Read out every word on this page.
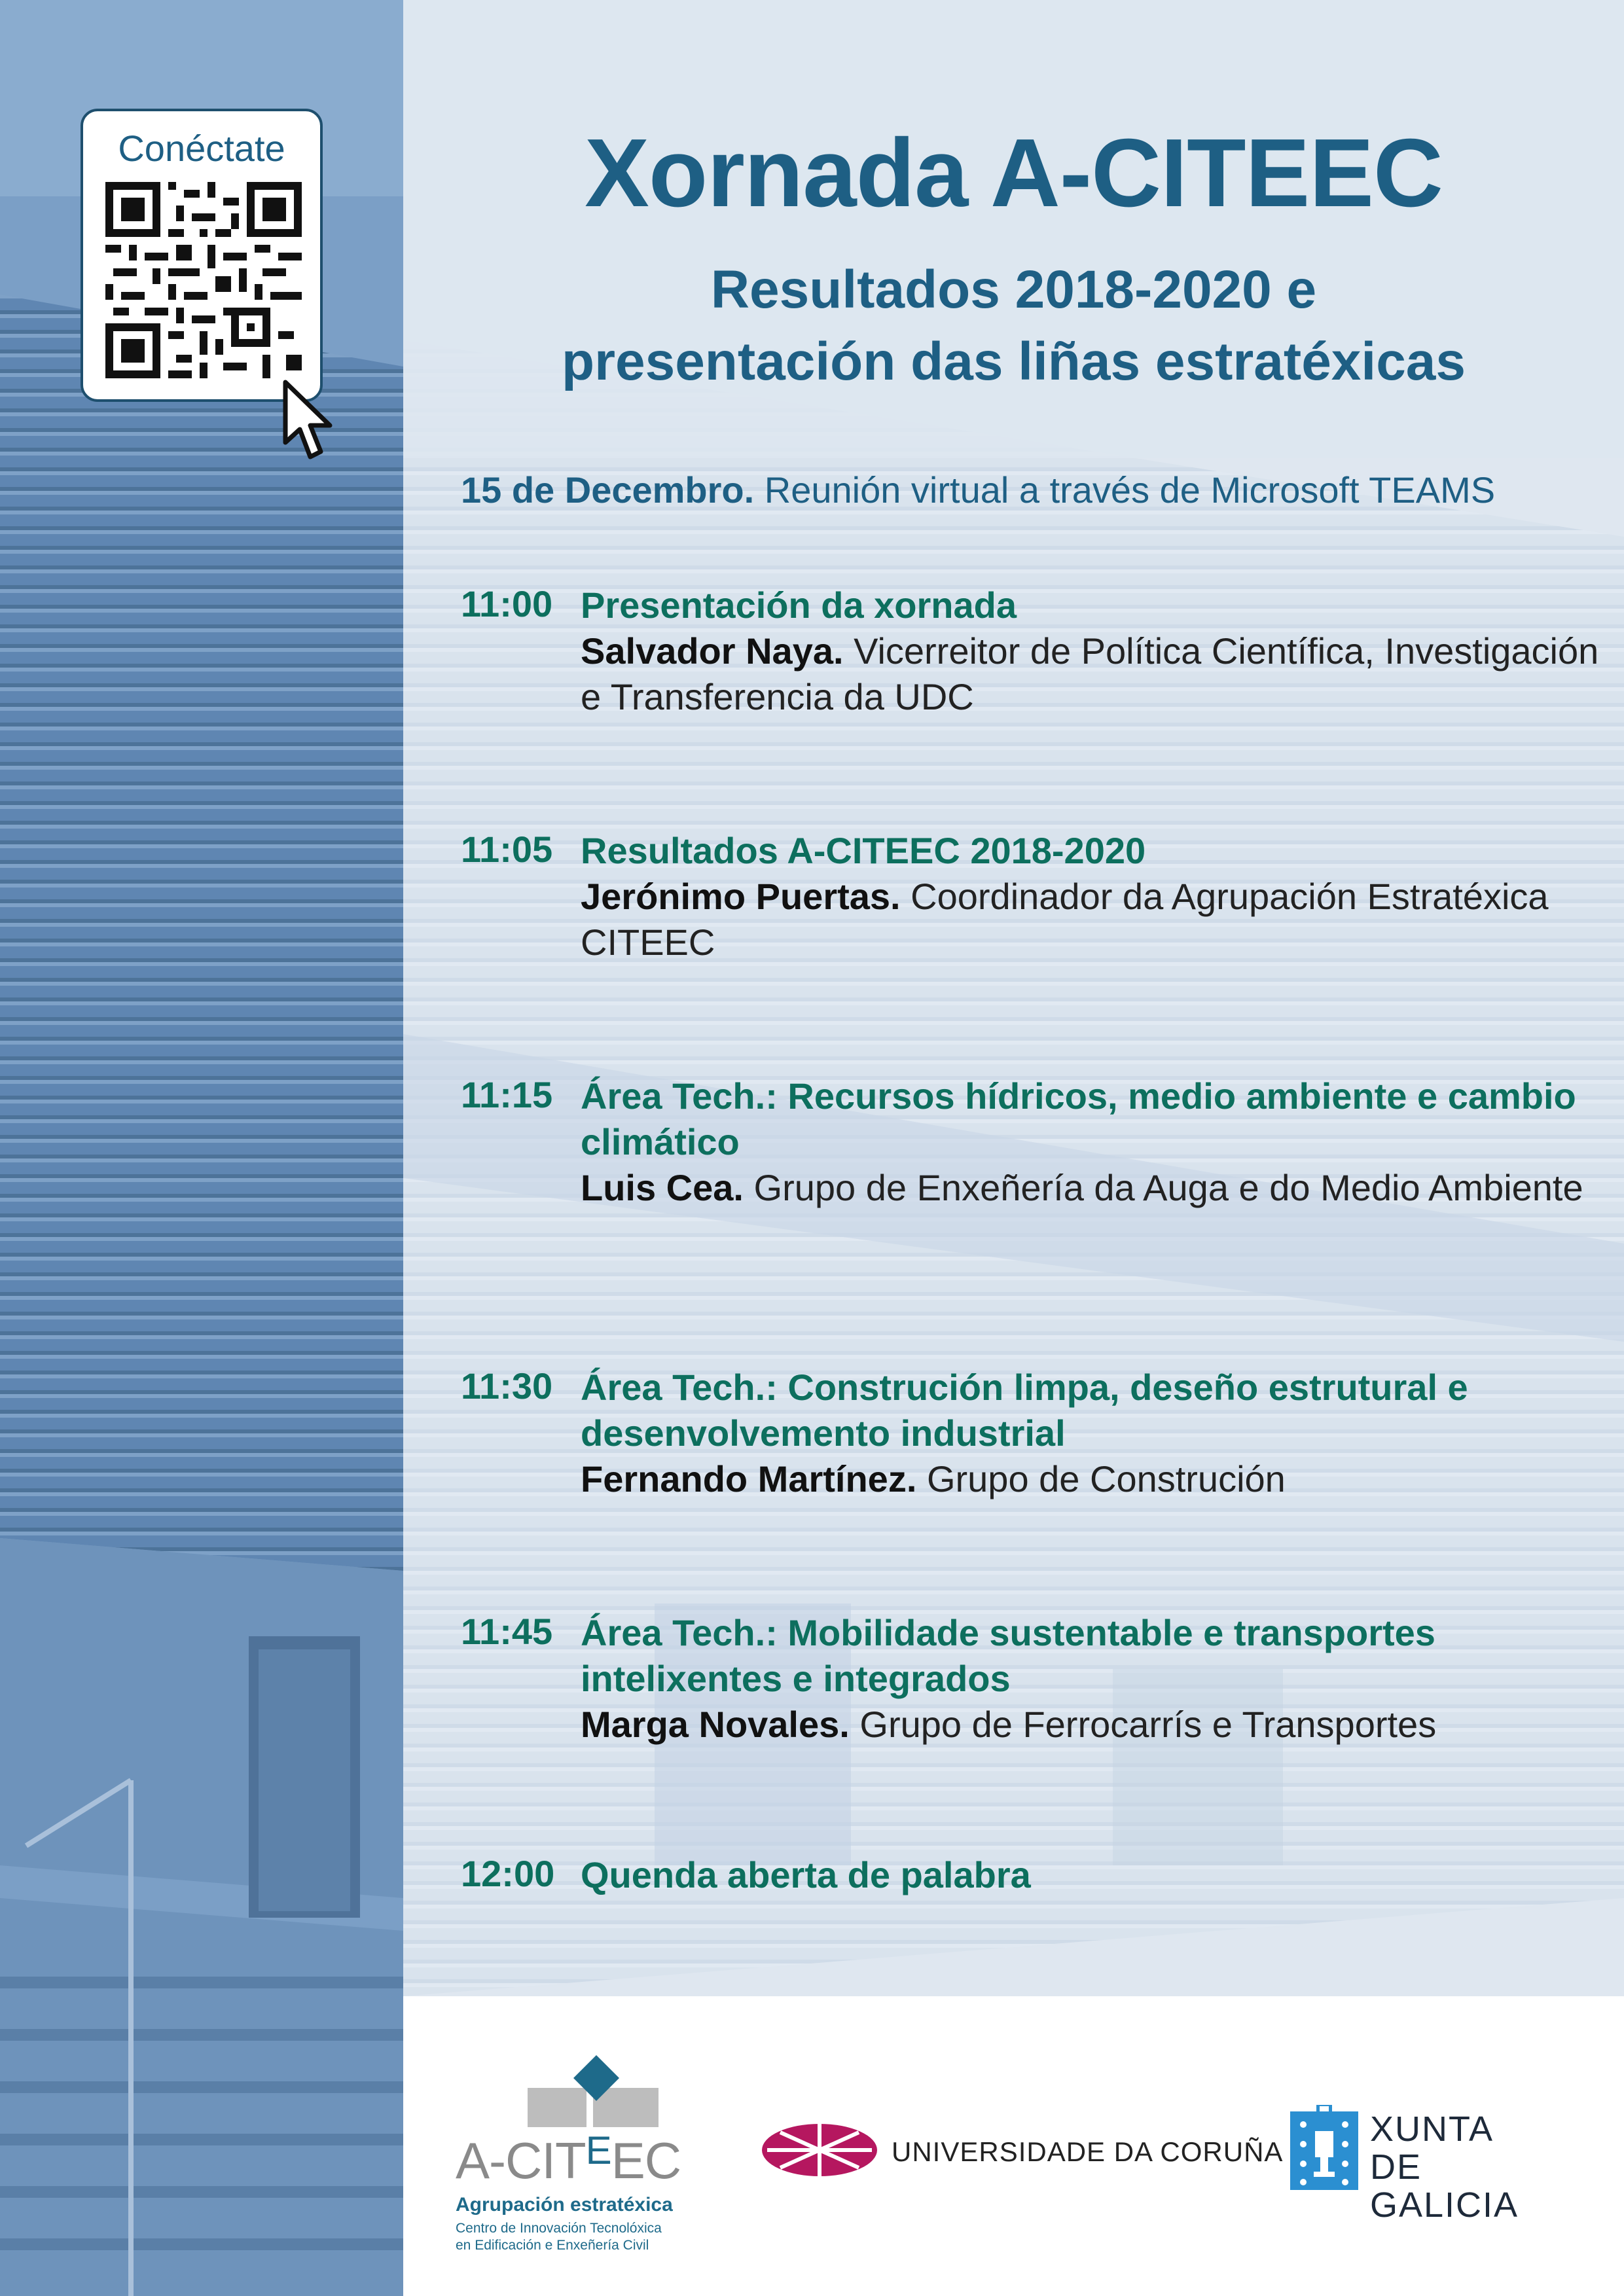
Conéctate	Xornada A-CITEEC
Resultados 2018-2020 e
presentación das liñas estratéxicas
15 de Decembro. Reunión virtual a través de Microsoft TEAMS
11:00 Presentación da xornada
Salvador Naya. Vicerreitor de Política Científica, Investigación e Transferencia da UDC
11:05 Resultados A-CITEEC 2018-2020
Jerónimo Puertas. Coordinador da Agrupación Estratéxica CITEEC
11:15 Área Tech.: Recursos hídricos, medio ambiente e cambio climático
Luis Cea. Grupo de Enxeñería da Auga e do Medio Ambiente
11:30 Área Tech.: Construción limpa, deseño estrutural e desenvolvemento industrial
Fernando Martínez. Grupo de Construción
11:45 Área Tech.: Mobilidade sustentable e transportes intelixentes e integrados
Marga Novales. Grupo de Ferrocarrís e Transportes
12:00 Quenda aberta de palabra
$A-CIT^EEC$
Agrupación estratéxica
Centro de Innovación Tecnolóxica
en Edificación e Enxeñería Civil
UNIVERSIDADE DA CORUÑA
XUNTA
DE GALICIA
